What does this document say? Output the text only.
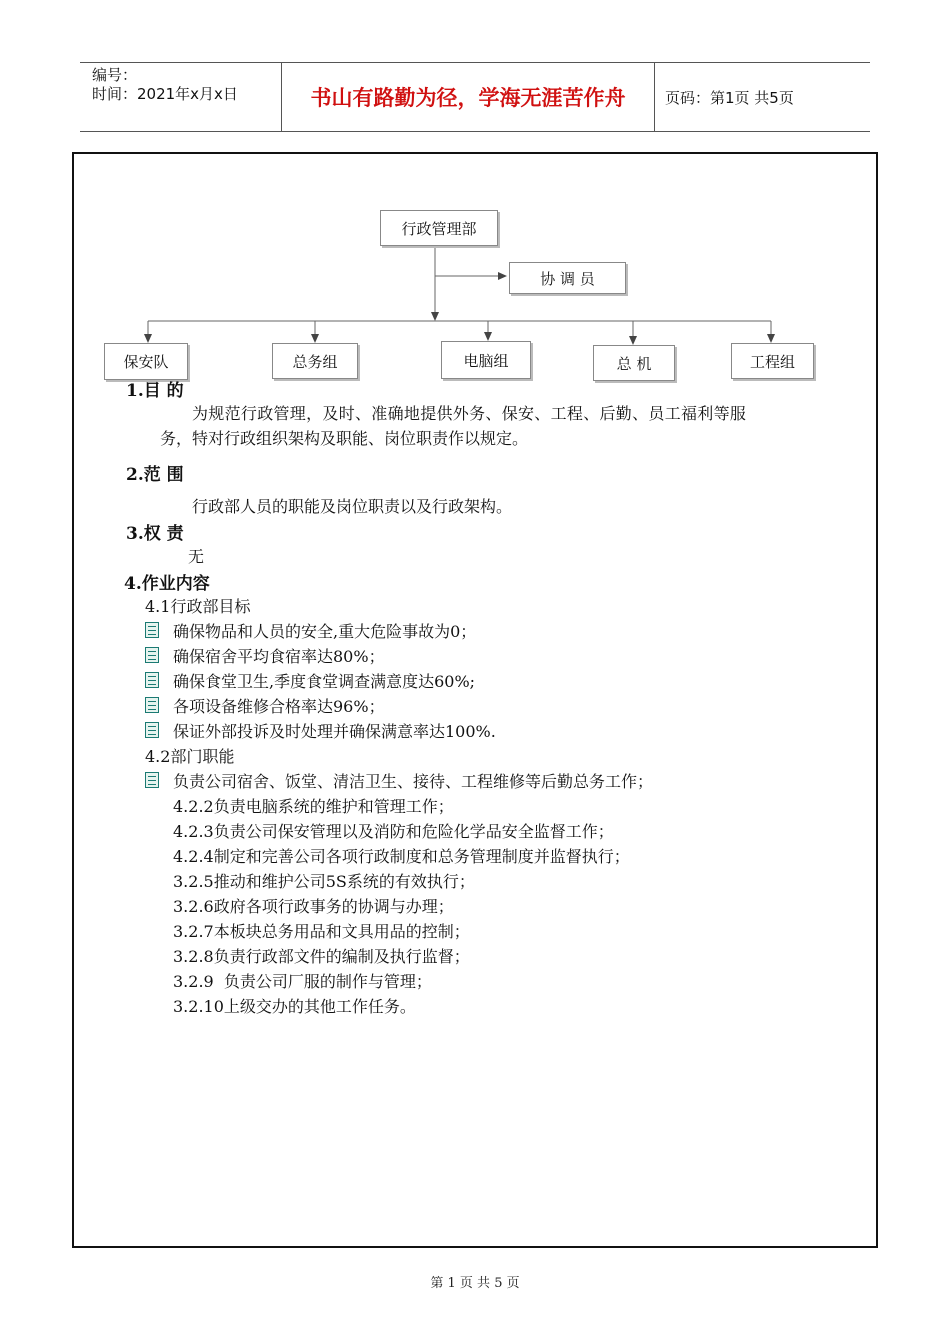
编号：
时间：2021年x月x日	书山有路勤为径，学海无涯苦作舟	页码：第1页 共5页
行政管理部
协 调 员
保安队	总务组	电脑组	总 机	工程组
1.目 的
为规范行政管理，及时、准确地提供外务、保安、工程、后勤、员工福利等服
务，特对行政组织架构及职能、岗位职责作以规定。
2.范 围
行政部人员的职能及岗位职责以及行政架构。
3.权 责
无
4.作业内容
4.1行政部目标
确保物品和人员的安全,重大危险事故为0；
确保宿舍平均食宿率达80%；
确保食堂卫生,季度食堂调查满意度达60%;
各项设备维修合格率达96%；
保证外部投诉及时处理并确保满意率达100%.
4.2部门职能
负责公司宿舍、饭堂、清洁卫生、接待、工程维修等后勤总务工作；
4.2.2负责电脑系统的维护和管理工作；
4.2.3负责公司保安管理以及消防和危险化学品安全监督工作；
4.2.4制定和完善公司各项行政制度和总务管理制度并监督执行；
3.2.5推动和维护公司5S系统的有效执行；
3.2.6政府各项行政事务的协调与办理；
3.2.7本板块总务用品和文具用品的控制；
3.2.8负责行政部文件的编制及执行监督；
3.2.9  负责公司厂服的制作与管理；
3.2.10上级交办的其他工作任务。
第 1 页 共 5 页
